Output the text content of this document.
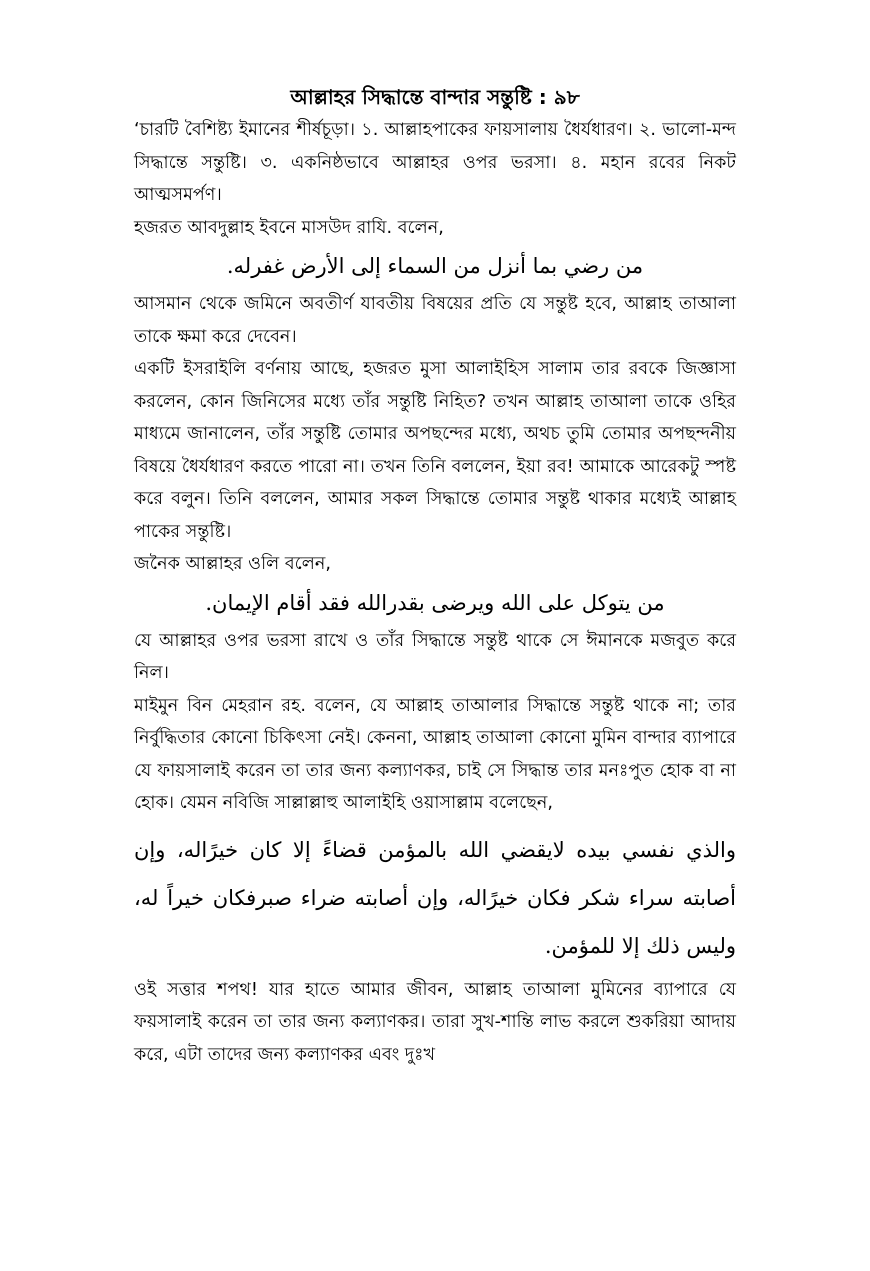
আল্লাহর সিদ্ধান্তে বান্দার সন্তুষ্টি : ৯৮

‘চারটি বৈশিষ্ট্য ইমানের শীর্ষচূড়া। ১. আল্লাহপাকের ফায়সালায় ধৈর্যধারণ। ২. ভালো-মন্দ সিদ্ধান্তে সন্তুষ্টি। ৩. একনিষ্ঠভাবে আল্লাহর ওপর ভরসা। ৪. মহান রবের নিকট আত্মসমর্পণ।

হজরত আবদুল্লাহ ইবনে মাসউদ রাযি. বলেন,

من رضي بما أنزل من السماء إلى الأرض غفرله.

আসমান থেকে জমিনে অবতীর্ণ যাবতীয় বিষয়ের প্রতি যে সন্তুষ্ট হবে, আল্লাহ তাআলা তাকে ক্ষমা করে দেবেন।

একটি ইসরাইলি বর্ণনায় আছে, হজরত মুসা আলাইহিস সালাম তার রবকে জিজ্ঞাসা করলেন, কোন জিনিসের মধ্যে তাঁর সন্তুষ্টি নিহিত? তখন আল্লাহ তাআলা তাকে ওহির মাধ্যমে জানালেন, তাঁর সন্তুষ্টি তোমার অপছন্দের মধ্যে, অথচ তুমি তোমার অপছন্দনীয় বিষয়ে ধৈর্যধারণ করতে পারো না। তখন তিনি বললেন, ইয়া রব! আমাকে আরেকটু স্পষ্ট করে বলুন। তিনি বললেন, আমার সকল সিদ্ধান্তে তোমার সন্তুষ্ট থাকার মধ্যেই আল্লাহ পাকের সন্তুষ্টি।

জনৈক আল্লাহর ওলি বলেন,

من يتوكل على الله ويرضى بقدرالله فقد أقام الإيمان.

যে আল্লাহর ওপর ভরসা রাখে ও তাঁর সিদ্ধান্তে সন্তুষ্ট থাকে সে ঈমানকে মজবুত করে নিল।

মাইমুন বিন মেহরান রহ. বলেন, যে আল্লাহ তাআলার সিদ্ধান্তে সন্তুষ্ট থাকে না; তার নির্বুদ্ধিতার কোনো চিকিৎসা নেই। কেননা, আল্লাহ তাআলা কোনো মুমিন বান্দার ব্যাপারে যে ফায়সালাই করেন তা তার জন্য কল্যাণকর, চাই সে সিদ্ধান্ত তার মনঃপুত হোক বা না হোক। যেমন নবিজি সাল্লাল্লাহু আলাইহি ওয়াসাল্লাম বলেছেন,

والذي نفسي بيده لايقضي الله بالمؤمن قضاءً إلا كان خيرًاله، وإن أصابته سراء شكر فكان خيرًاله، وإن أصابته ضراء صبرفكان خيراً له، وليس ذلك إلا للمؤمن.

ওই সত্তার শপথ! যার হাতে আমার জীবন, আল্লাহ তাআলা মুমিনের ব্যাপারে যে ফয়সালাই করেন তা তার জন্য কল্যাণকর। তারা সুখ-শান্তি লাভ করলে শুকরিয়া আদায় করে, এটা তাদের জন্য কল্যাণকর এবং দুঃখ
